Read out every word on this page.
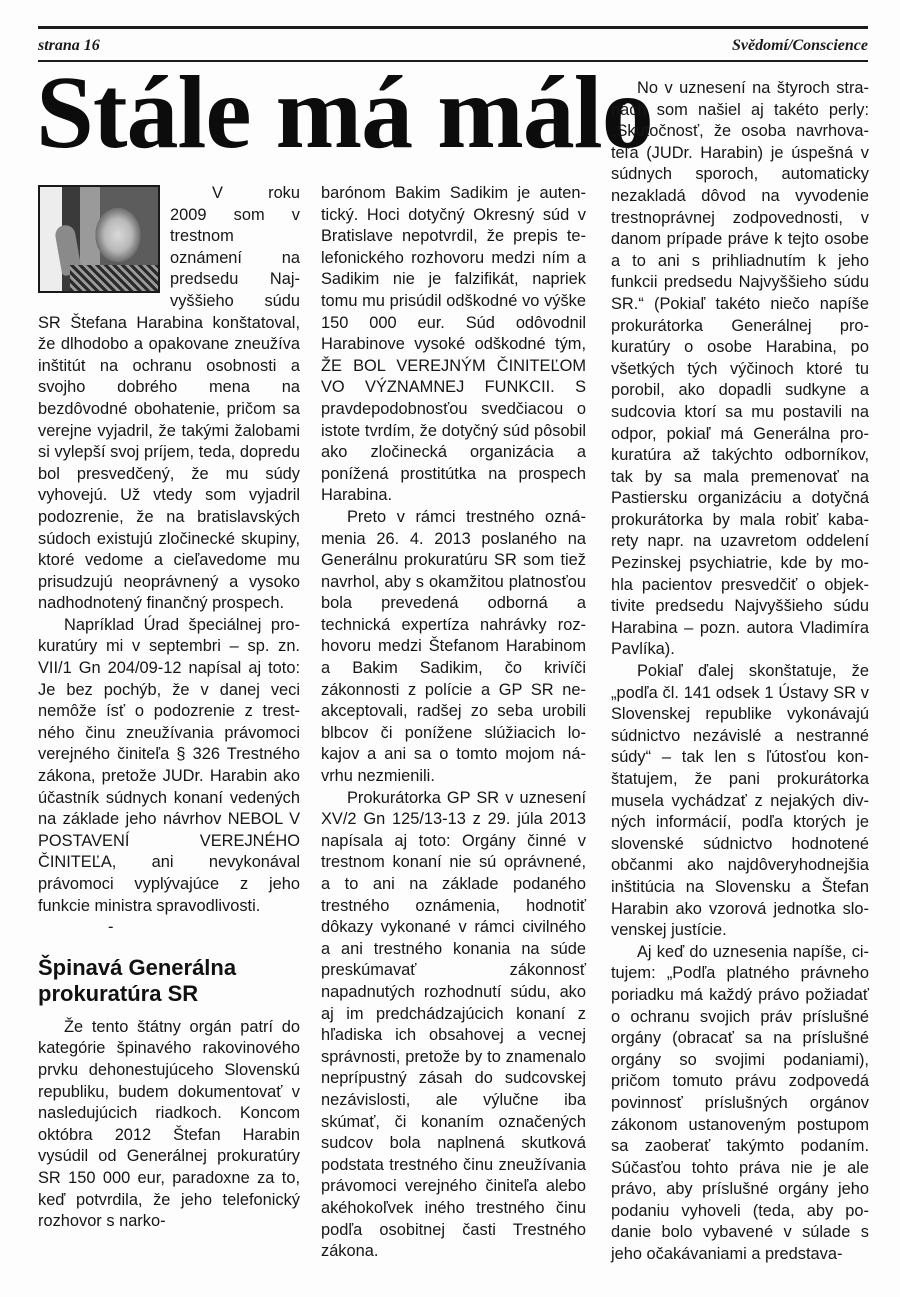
strana 16	Svědomí/Conscience
Stále má málo

V roku 2009 som v trestnom oznámení na predsedu Najvyššieho súdu SR Štefana Harabina konštatoval, že dlhodobo a opakovane zneužíva inštitút na ochranu osobnosti a svojho dobrého mena na bezdôvodné obohatenie, pričom sa verejne vyjadril, že takými žalobami si vylepší svoj príjem, teda, dopredu bol presvedčený, že mu súdy vyhovejú. Už vtedy som vyjadril podozrenie, že na bratislavských súdoch existujú zločinecké skupiny, ktoré vedome a cieľavedome mu prisudzujú neoprávnený a vysoko nadhodnotený finančný prospech.

Napríklad Úrad špeciálnej prokuratúry mi v septembri – sp. zn. VII/1 Gn 204/09-12 napísal aj toto: Je bez pochýb, že v danej veci nemôže ísť o podozrenie z trestného činu zneužívania právomoci verejného činiteľa § 326 Trestného zákona, pretože JUDr. Harabin ako účastník súdnych konaní vedených na základe jeho návrhov NEBOL V POSTAVENÍ VEREJNÉHO ČINITEĽA, ani nevykonával právomoci vyplývajúce z jeho funkcie ministra spravodlivosti.

-

Špinavá Generálna prokuratúra SR

Že tento štátny orgán patrí do kategórie špinavého rakovinového prvku dehonestujúceho Slovenskú republiku, budem dokumentovať v nasledujúcich riadkoch. Koncom októbra 2012 Štefan Harabin vysúdil od Generálnej prokuratúry SR 150 000 eur, paradoxne za to, keď potvrdila, že jeho telefonický rozhovor s narko-

barónom Bakim Sadikim je autentický. Hoci dotyčný Okresný súd v Bratislave nepotvrdil, že prepis telefonického rozhovoru medzi ním a Sadikim nie je falzifikát, napriek tomu mu prisúdil odškodné vo výške 150 000 eur. Súd odôvodnil Harabinove vysoké odškodné tým, ŽE BOL VEREJNÝM ČINITEĽOM VO VÝZNAMNEJ FUNKCII. S pravdepodobnosťou svedčiacou o istote tvrdím, že dotyčný súd pôsobil ako zločinecká organizácia a ponížená prostitútka na prospech Harabina.

Preto v rámci trestného oznámenia 26. 4. 2013 poslaného na Generálnu prokuratúru SR som tiež navrhol, aby s okamžitou platnosťou bola prevedená odborná a technická expertíza nahrávky rozhovoru medzi Štefanom Harabinom a Bakim Sadikim, čo krivíči zákonnosti z polície a GP SR neakceptovali, radšej zo seba urobili blbcov či ponížene slúžiacich lokajov a ani sa o tomto mojom návrhu nezmienili.

Prokurátorka GP SR v uznesení XV/2 Gn 125/13-13 z 29. júla 2013 napísala aj toto: Orgány činné v trestnom konaní nie sú oprávnené, a to ani na základe podaného trestného oznámenia, hodnotiť dôkazy vykonané v rámci civilného a ani trestného konania na súde preskúmavať zákonnosť napadnutých rozhodnutí súdu, ako aj im predchádzajúcich konaní z hľadiska ich obsahovej a vecnej správnosti, pretože by to znamenalo neprípustný zásah do sudcovskej nezávislosti, ale výlučne iba skúmať, či konaním označených sudcov bola naplnená skutková podstata trestného činu zneužívania právomoci verejného činiteľa alebo akéhokoľvek iného trestného činu podľa osobitnej časti Trestného zákona.

No v uznesení na štyroch stranách som našiel aj takéto perly: „Skutočnosť, že osoba navrhovateľa (JUDr. Harabin) je úspešná v súdnych sporoch, automaticky nezakladá dôvod na vyvodenie trestnoprávnej zodpovednosti, v danom prípade práve k tejto osobe a to ani s prihliadnutím k jeho funkcii predsedu Najvyššieho súdu SR.“ (Pokiaľ takéto niečo napíše prokurátorka Generálnej prokuratúry o osobe Harabina, po všetkých tých výčinoch ktoré tu porobil, ako dopadli sudkyne a sudcovia ktorí sa mu postavili na odpor, pokiaľ má Generálna prokuratúra až takýchto odborníkov, tak by sa mala premenovať na Pastiersku organizáciu a dotyčná prokurátorka by mala robiť kabarety napr. na uzavretom oddelení Pezinskej psychiatrie, kde by mohla pacientov presvedčiť o objektivite predsedu Najvyššieho súdu Harabina – pozn. autora Vladimíra Pavlíka).

Pokiaľ ďalej skonštatuje, že „podľa čl. 141 odsek 1 Ústavy SR v Slovenskej republike vykonávajú súdnictvo nezávislé a nestranné súdy“ – tak len s ľútosťou konštatujem, že pani prokurátorka musela vychádzať z nejakých divných informácií, podľa ktorých je slovenské súdnictvo hodnotené občanmi ako najdôveryhodnejšia inštitúcia na Slovensku a Štefan Harabin ako vzorová jednotka slovenskej justície.

Aj keď do uznesenia napíše, citujem: „Podľa platného právneho poriadku má každý právo požiadať o ochranu svojich práv príslušné orgány (obracať sa na príslušné orgány so svojimi podaniami), pričom tomuto právu zodpovedá povinnosť príslušných orgánov zákonom ustanoveným postupom sa zaoberať takýmto podaním. Súčasťou tohto práva nie je ale právo, aby príslušné orgány jeho podaniu vyhoveli (teda, aby podanie bolo vybavené v súlade s jeho očakávaniami a predstava-
